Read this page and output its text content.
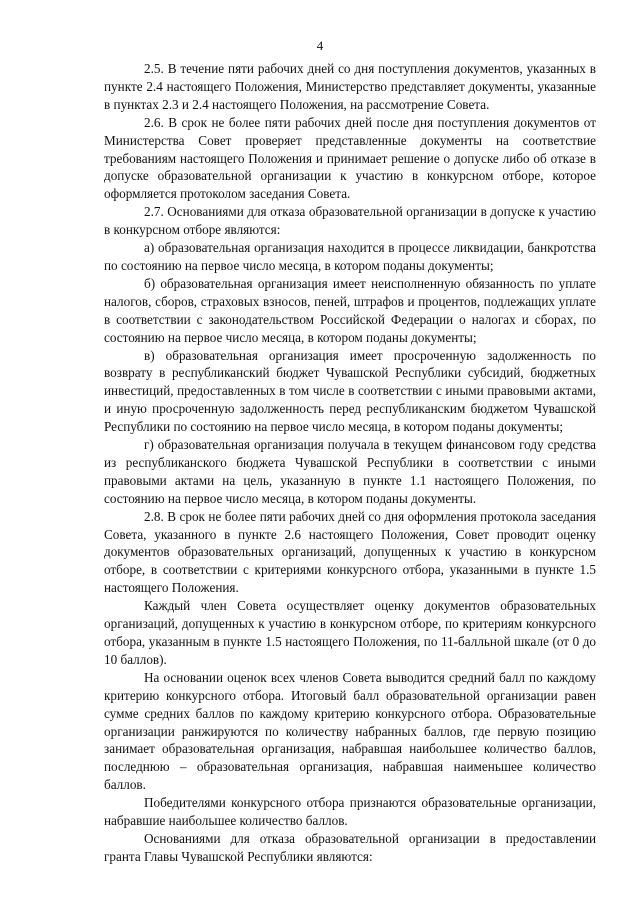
4

2.5. В течение пяти рабочих дней со дня поступления документов, указанных в пункте 2.4 настоящего Положения, Министерство представляет документы, указанные в пунктах 2.3 и 2.4 настоящего Положения, на рассмотрение Совета.

2.6. В срок не более пяти рабочих дней после дня поступления документов от Министерства Совет проверяет представленные документы на соответствие требованиям настоящего Положения и принимает решение о допуске либо об отказе в допуске образовательной организации к участию в конкурсном отборе, которое оформляется протоколом заседания Совета.

2.7. Основаниями для отказа образовательной организации в допуске к участию в конкурсном отборе являются:

а) образовательная организация находится в процессе ликвидации, банкротства по состоянию на первое число месяца, в котором поданы документы;

б) образовательная организация имеет неисполненную обязанность по уплате налогов, сборов, страховых взносов, пеней, штрафов и процентов, подлежащих уплате в соответствии с законодательством Российской Федерации о налогах и сборах, по состоянию на первое число месяца, в котором поданы документы;

в) образовательная организация имеет просроченную задолженность по возврату в республиканский бюджет Чувашской Республики субсидий, бюджетных инвестиций, предоставленных в том числе в соответствии с иными правовыми актами, и иную просроченную задолженность перед республиканским бюджетом Чувашской Республики по состоянию на первое число месяца, в котором поданы документы;

г) образовательная организация получала в текущем финансовом году средства из республиканского бюджета Чувашской Республики в соответствии с иными правовыми актами на цель, указанную в пункте 1.1 настоящего Положения, по состоянию на первое число месяца, в котором поданы документы.

2.8. В срок не более пяти рабочих дней со дня оформления протокола заседания Совета, указанного в пункте 2.6 настоящего Положения, Совет проводит оценку документов образовательных организаций, допущенных к участию в конкурсном отборе, в соответствии с критериями конкурсного отбора, указанными в пункте 1.5 настоящего Положения.

Каждый член Совета осуществляет оценку документов образовательных организаций, допущенных к участию в конкурсном отборе, по критериям конкурсного отбора, указанным в пункте 1.5 настоящего Положения, по 11-балльной шкале (от 0 до 10 баллов).

На основании оценок всех членов Совета выводится средний балл по каждому критерию конкурсного отбора. Итоговый балл образовательной организации равен сумме средних баллов по каждому критерию конкурсного отбора. Образовательные организации ранжируются по количеству набранных баллов, где первую позицию занимает образовательная организация, набравшая наибольшее количество баллов, последнюю – образовательная организация, набравшая наименьшее количество баллов.

Победителями конкурсного отбора признаются образовательные организации, набравшие наибольшее количество баллов.

Основаниями для отказа образовательной организации в предоставлении гранта Главы Чувашской Республики являются:
